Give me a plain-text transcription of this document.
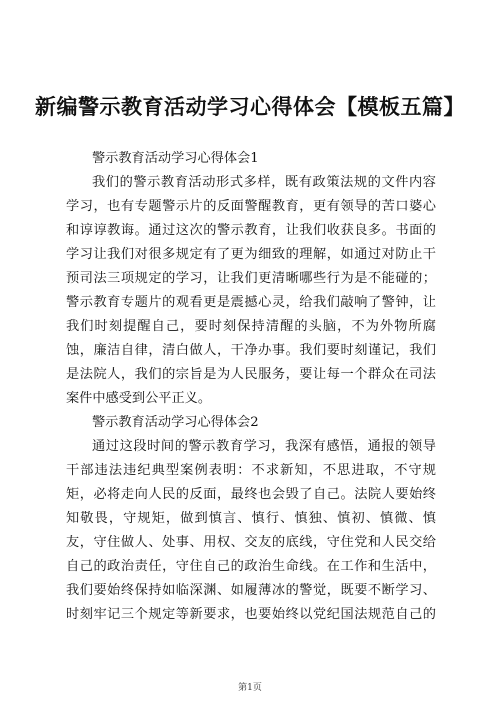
新编警示教育活动学习心得体会【模板五篇】
警示教育活动学习心得体会1
我们的警示教育活动形式多样，既有政策法规的文件内容
学习，也有专题警示片的反面警醒教育，更有领导的苦口婆心
和谆谆教诲。通过这次的警示教育，让我们收获良多。书面的
学习让我们对很多规定有了更为细致的理解，如通过对防止干
预司法三项规定的学习，让我们更清晰哪些行为是不能碰的；
警示教育专题片的观看更是震撼心灵，给我们敲响了警钟，让
我们时刻提醒自己，要时刻保持清醒的头脑，不为外物所腐
蚀，廉洁自律，清白做人，干净办事。我们要时刻谨记，我们
是法院人，我们的宗旨是为人民服务，要让每一个群众在司法
案件中感受到公平正义。
警示教育活动学习心得体会2
通过这段时间的警示教育学习，我深有感悟，通报的领导
干部违法违纪典型案例表明：不求新知，不思进取，不守规
矩，必将走向人民的反面，最终也会毁了自己。法院人要始终
知敬畏，守规矩，做到慎言、慎行、慎独、慎初、慎微、慎
友，守住做人、处事、用权、交友的底线，守住党和人民交给
自己的政治责任，守住自己的政治生命线。在工作和生活中，
我们要始终保持如临深渊、如履薄冰的警觉，既要不断学习、
时刻牢记三个规定等新要求，也要始终以党纪国法规范自己的
第1页
